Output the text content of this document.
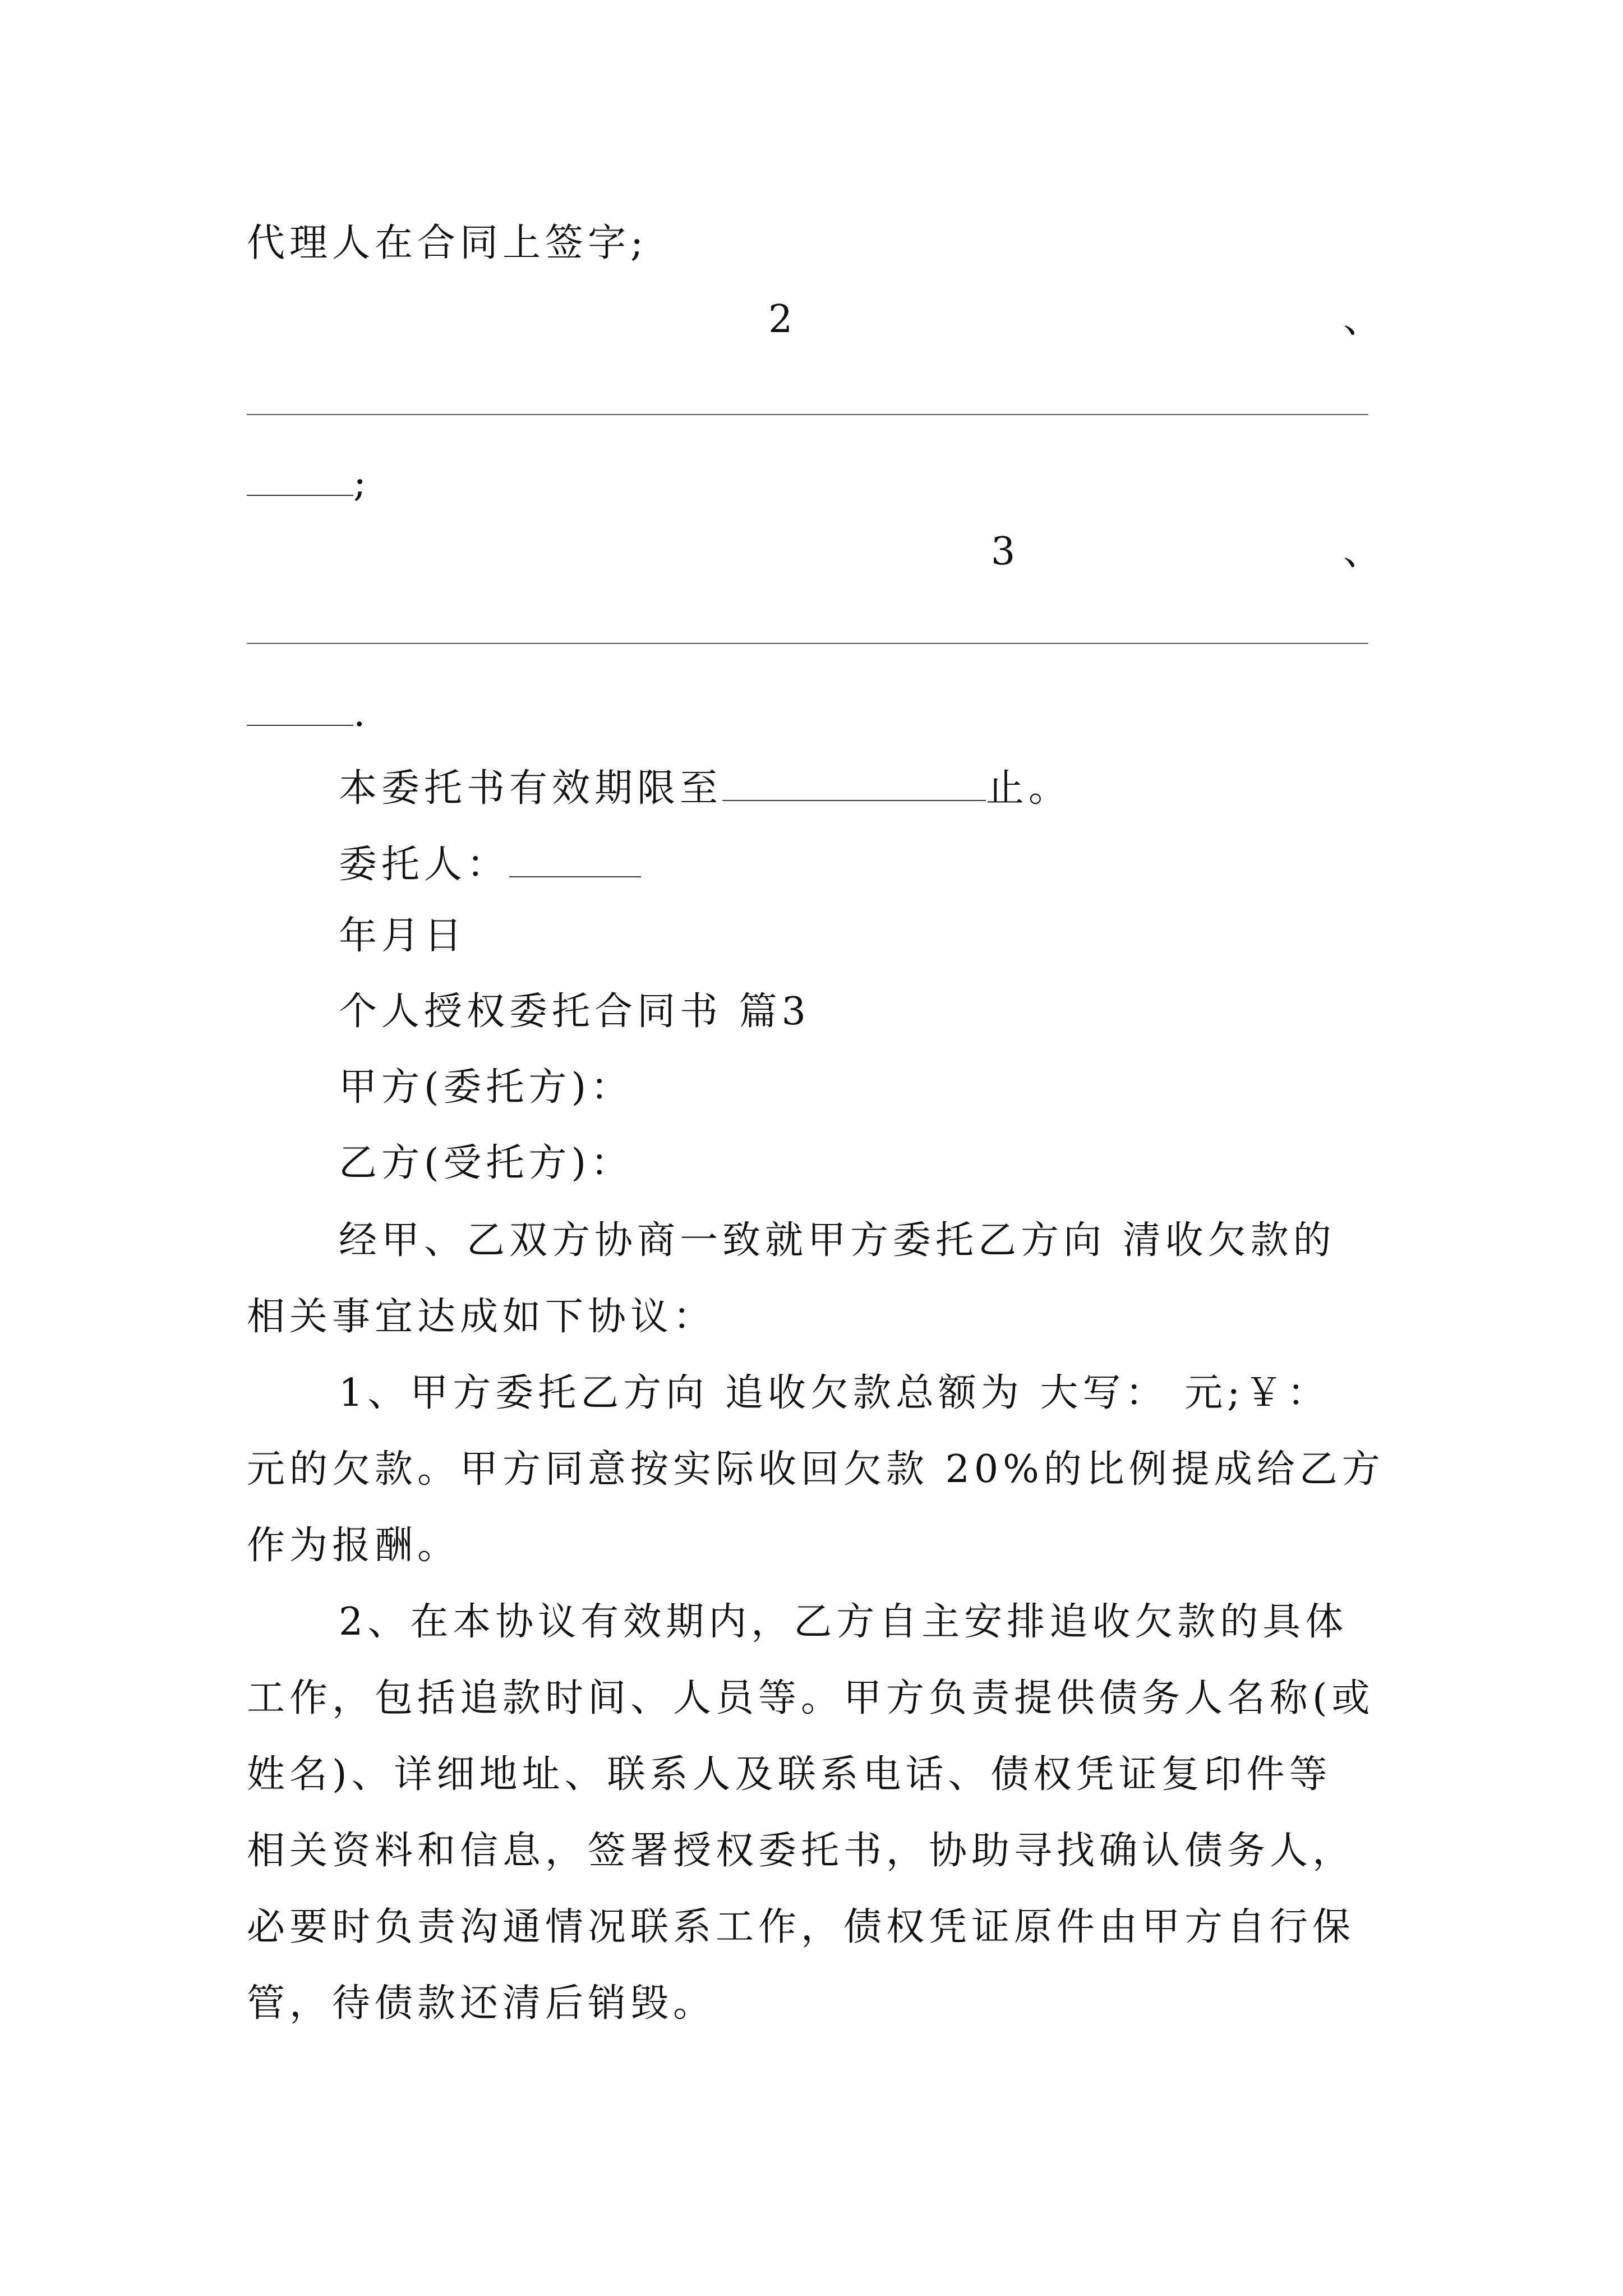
代理人在合同上签字;
2	、
;
3	、
.
本委托书有效期限至	止。
委托人：
年月日
个人授权委托合同书 篇3
甲方(委托方)：
乙方(受托方)：
经甲、乙双方协商一致就甲方委托乙方向 清收欠款的
相关事宜达成如下协议：
1、甲方委托乙方向 追收欠款总额为 大写： 元;￥：
元的欠款。甲方同意按实际收回欠款 20%的比例提成给乙方
作为报酬。
2、在本协议有效期内，乙方自主安排追收欠款的具体
工作，包括追款时间、人员等。甲方负责提供债务人名称(或
姓名)、详细地址、联系人及联系电话、债权凭证复印件等
相关资料和信息，签署授权委托书，协助寻找确认债务人，
必要时负责沟通情况联系工作，债权凭证原件由甲方自行保
管，待债款还清后销毁。
